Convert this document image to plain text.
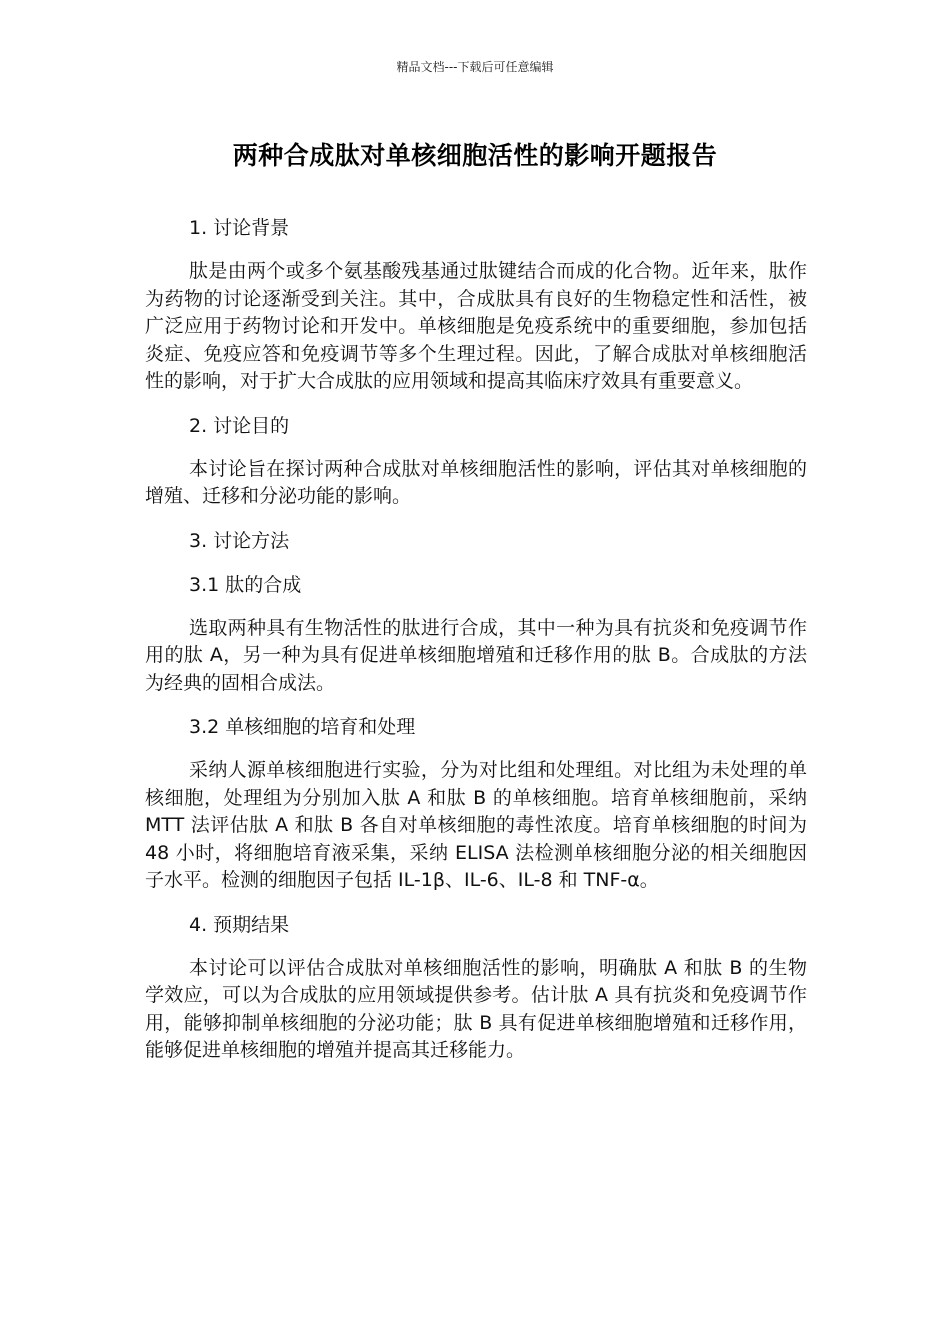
精品文档---下载后可任意编辑
两种合成肽对单核细胞活性的影响开题报告
1. 讨论背景
肽是由两个或多个氨基酸残基通过肽键结合而成的化合物。近年来，肽作为药物的讨论逐渐受到关注。其中，合成肽具有良好的生物稳定性和活性，被广泛应用于药物讨论和开发中。单核细胞是免疫系统中的重要细胞，参加包括炎症、免疫应答和免疫调节等多个生理过程。因此，了解合成肽对单核细胞活性的影响，对于扩大合成肽的应用领域和提高其临床疗效具有重要意义。
2. 讨论目的
本讨论旨在探讨两种合成肽对单核细胞活性的影响，评估其对单核细胞的增殖、迁移和分泌功能的影响。
3. 讨论方法
3.1 肽的合成
选取两种具有生物活性的肽进行合成，其中一种为具有抗炎和免疫调节作用的肽 A，另一种为具有促进单核细胞增殖和迁移作用的肽 B。合成肽的方法为经典的固相合成法。
3.2 单核细胞的培育和处理
采纳人源单核细胞进行实验，分为对比组和处理组。对比组为未处理的单核细胞，处理组为分别加入肽 A 和肽 B 的单核细胞。培育单核细胞前，采纳 MTT 法评估肽 A 和肽 B 各自对单核细胞的毒性浓度。培育单核细胞的时间为 48 小时，将细胞培育液采集，采纳 ELISA 法检测单核细胞分泌的相关细胞因子水平。检测的细胞因子包括 IL-1β、IL-6、IL-8 和 TNF-α。
4. 预期结果
本讨论可以评估合成肽对单核细胞活性的影响，明确肽 A 和肽 B 的生物学效应，可以为合成肽的应用领域提供参考。估计肽 A 具有抗炎和免疫调节作用，能够抑制单核细胞的分泌功能；肽 B 具有促进单核细胞增殖和迁移作用，能够促进单核细胞的增殖并提高其迁移能力。
